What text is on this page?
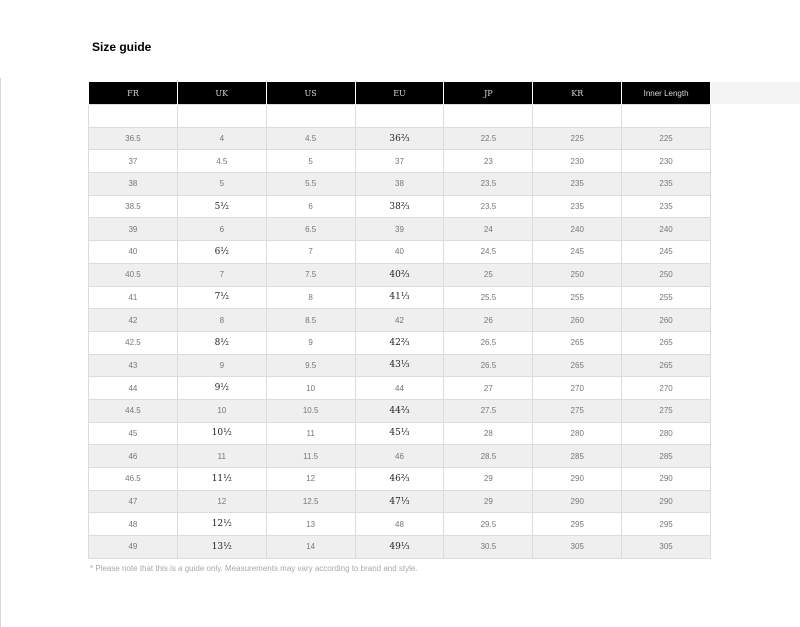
Size guide
FR	UK	US	EU	JP	KR	Inner Length

36.5	4	4.5	36⅔	22.5	225	225
37	4.5	5	37	23	230	230
38	5	5.5	38	23.5	235	235
38.5	5½	6	38⅔	23.5	235	235
39	6	6.5	39	24	240	240
40	6½	7	40	24.5	245	245
40.5	7	7.5	40⅔	25	250	250
41	7½	8	41⅓	25.5	255	255
42	8	8.5	42	26	260	260
42.5	8½	9	42⅔	26.5	265	265
43	9	9.5	43⅓	26.5	265	265
44	9½	10	44	27	270	270
44.5	10	10.5	44⅔	27.5	275	275
45	10½	11	45⅓	28	280	280
46	11	11.5	46	28.5	285	285
46.5	11½	12	46⅔	29	290	290
47	12	12.5	47⅓	29	290	290
48	12½	13	48	29.5	295	295
49	13½	14	49⅓	30.5	305	305
* Please note that this is a guide only. Measurements may vary according to brand and style.
